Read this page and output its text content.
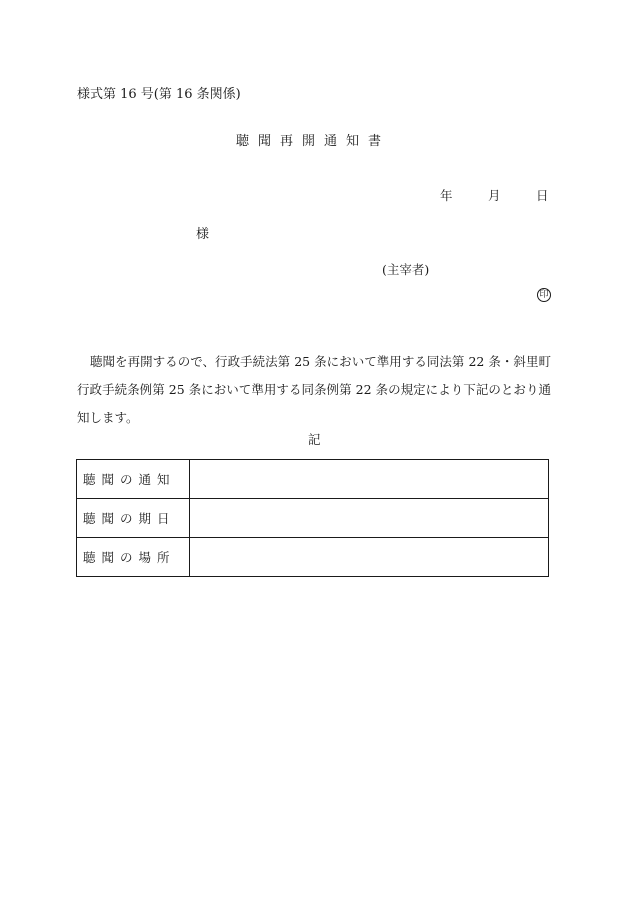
様式第 16 号(第 16 条関係)
聴聞再開通知書
年	月	日
様
(主宰者)
印

聴聞を再開するので、行政手続法第 25 条において準用する同法第 22 条・斜里町行政手続条例第 25 条において準用する同条例第 22 条の規定により下記のとおり通知します。

記
聴聞の通知	
聴聞の期日	
聴聞の場所	
